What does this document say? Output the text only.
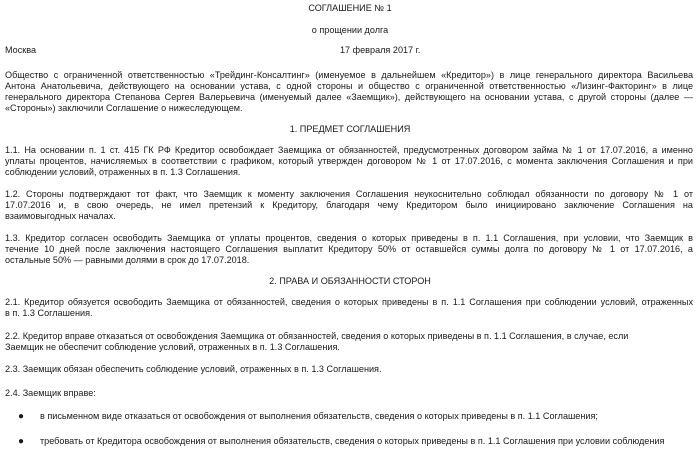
СОГЛАШЕНИЕ № 1
о прощении долга
Москва	17 февраля 2017 г.
Общество с ограниченной ответственностью «Трейдинг-Консалтинг» (именуемое в дальнейшем «Кредитор») в лице генерального директора Васильева
Антона Анатольевича, действующего на основании устава, с одной стороны и общество с ограниченной ответственностью «Лизинг-Факторинг» в лице
генерального директора Степанова Сергея Валерьевича (именуемый далее «Заемщик»), действующего на основании устава, с другой стороны (далее —
«Стороны») заключили Соглашение о нижеследующем.
1. ПРЕДМЕТ СОГЛАШЕНИЯ
1.1. На основании п. 1 ст. 415 ГК РФ Кредитор освобождает Заемщика от обязанностей, предусмотренных договором займа № 1 от 17.07.2016, а именно
уплаты процентов, начисляемых в соответствии с графиком, который утвержден договором № 1 от 17.07.2016, с момента заключения Соглашения и при
соблюдении условий, отраженных в п. 1.3 Соглашения.
1.2. Стороны подтверждают тот факт, что Заемщик к моменту заключения Соглашения неукоснительно соблюдал обязанности по договору № 1 от
17.07.2016 и, в свою очередь, не имел претензий к Кредитору, благодаря чему Кредитором было инициировано заключение Соглашения на
взаимовыгодных началах.
1.3. Кредитор согласен освободить Заемщика от уплаты процентов, сведения о которых приведены в п. 1.1 Соглашения, при условии, что Заемщик в
течение 10 дней после заключения настоящего Соглашения выплатит Кредитору 50% от оставшейся суммы долга по договору № 1 от 17.07.2016, а
остальные 50% — равными долями в срок до 17.07.2018.
2. ПРАВА И ОБЯЗАННОСТИ СТОРОН
2.1. Кредитор обязуется освободить Заемщика от обязанностей, сведения о которых приведены в п. 1.1 Соглашения при соблюдении условий, отраженных
в п. 1.3 Соглашения.
2.2. Кредитор вправе отказаться от освобождения Заемщика от обязанностей, сведения о которых приведены в п. 1.1 Соглашения, в случае, если
Заемщик не обеспечит соблюдение условий, отраженных в п. 1.3 Соглашения.
2.3. Заемщик обязан обеспечить соблюдение условий, отраженных в п. 1.3 Соглашения.
2.4. Заемщик вправе:
● в письменном виде отказаться от освобождения от выполнения обязательств, сведения о которых приведены в п. 1.1 Соглашения;
● требовать от Кредитора освобождения от выполнения обязательств, сведения о которых приведены в п. 1.1 Соглашения при условии соблюдения
